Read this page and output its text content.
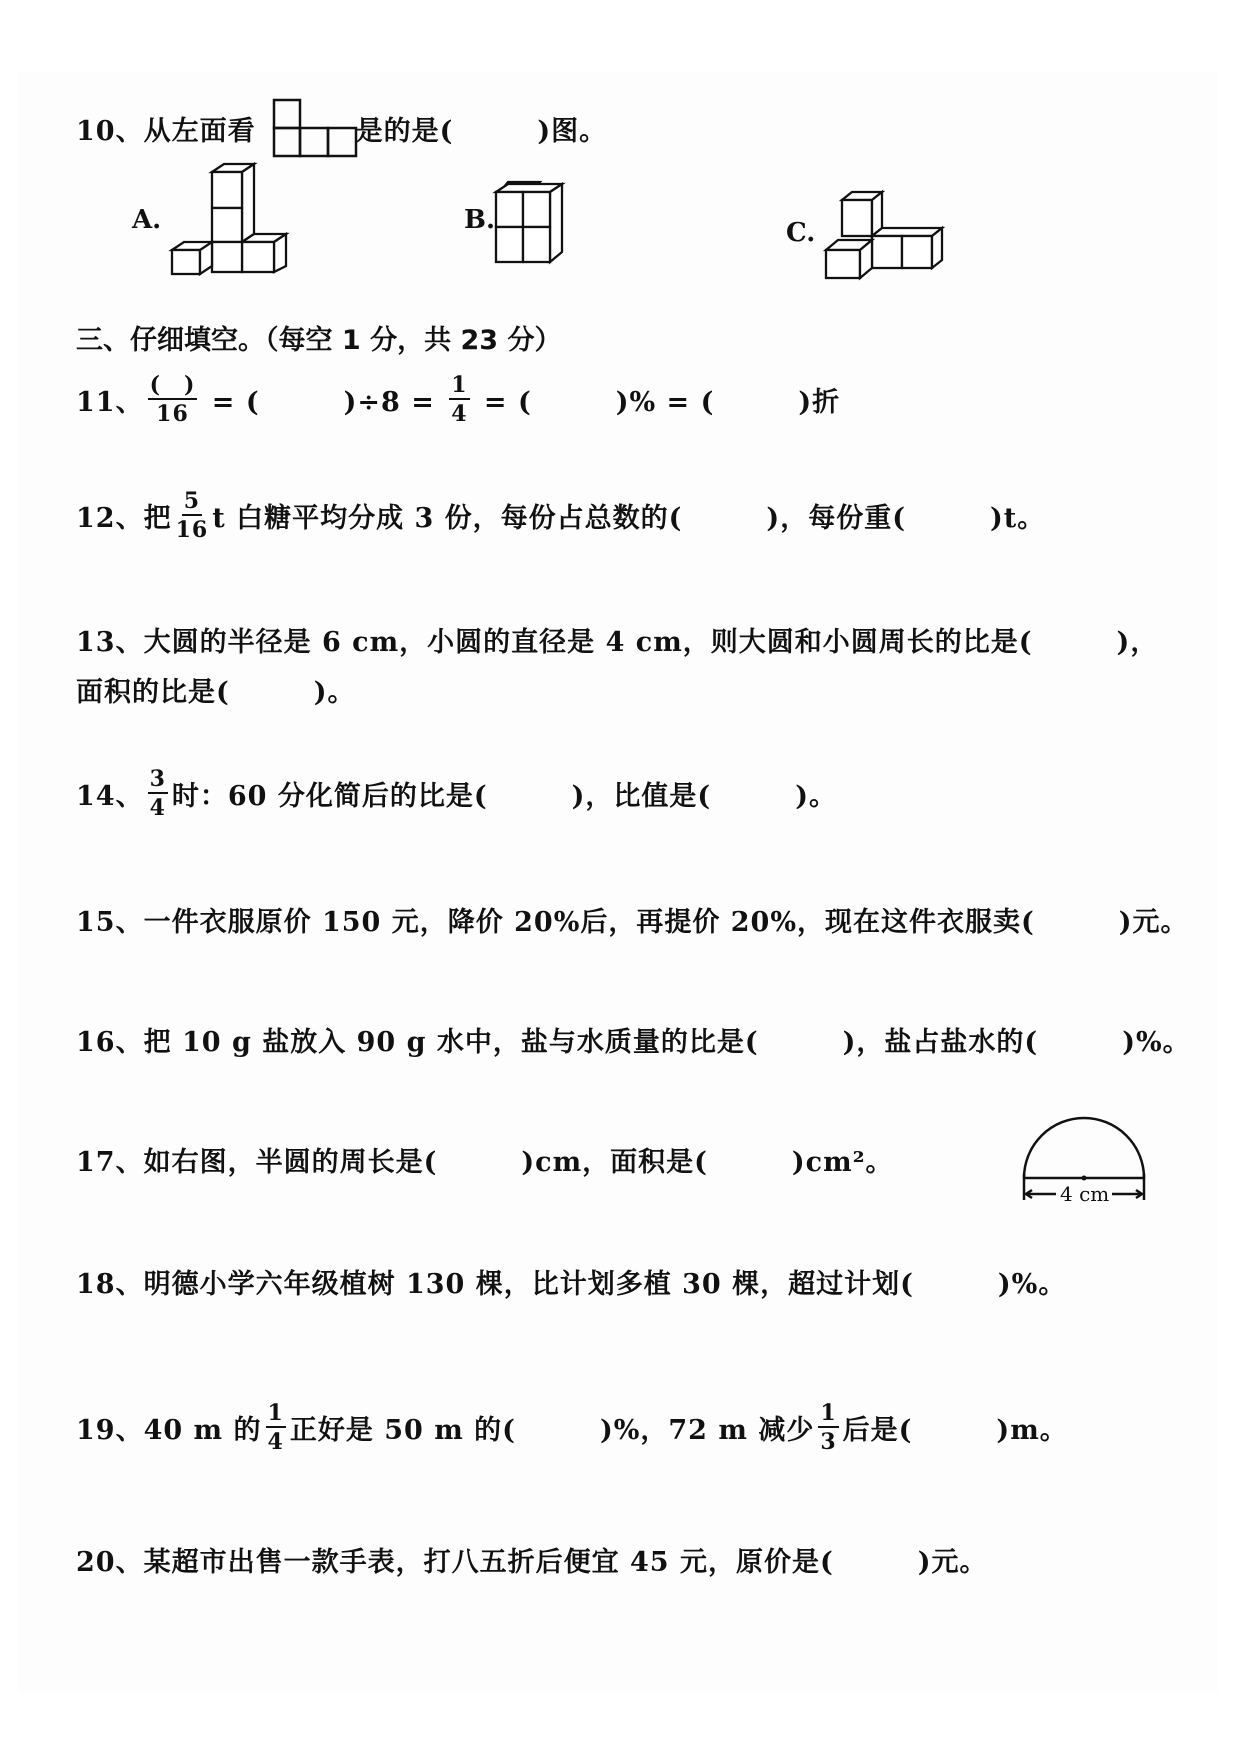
10、 从左面看	是的是(　　　)图。
A.	B.	C.
三、仔细填空。（每空 1 分，共 23 分）
11、 $\frac{( )}{16}$ = (　　　)$\div 8 = \frac{1}{4}$ = (　　　)% = (　　　)折
12、 把 $\frac{5}{16}$ t 白糖平均分成 3 份，每份占总数的(　　　)，每份重(　　　)t。
13、 大圆的半径是 6 cm，小圆的直径是 4 cm，则大圆和小圆周长的比是(　　　)，
面积的比是(　　　)。
14、 $\frac{3}{4}$ 时：60 分化简后的比是(　　　)，比值是(　　　)。
15、 一件衣服原价 150 元，降价 20%后，再提价 20%，现在这件衣服卖(　　　)元。
16、 把 10 g 盐放入 90 g 水中，盐与水质量的比是(　　　)，盐占盐水的(　　　)%。
17、 如右图，半圆的周长是(　　　)cm，面积是(　　　)cm²。
4 cm
18、 明德小学六年级植树 130 棵，比计划多植 30 棵，超过计划(　　　)%。
19、 40 m 的 $\frac{1}{4}$ 正好是 50 m 的(　　　)%，72 m 减少 $\frac{1}{3}$ 后是(　　　)m。
20、 某超市出售一款手表，打八五折后便宜 45 元，原价是(　　　)元。
